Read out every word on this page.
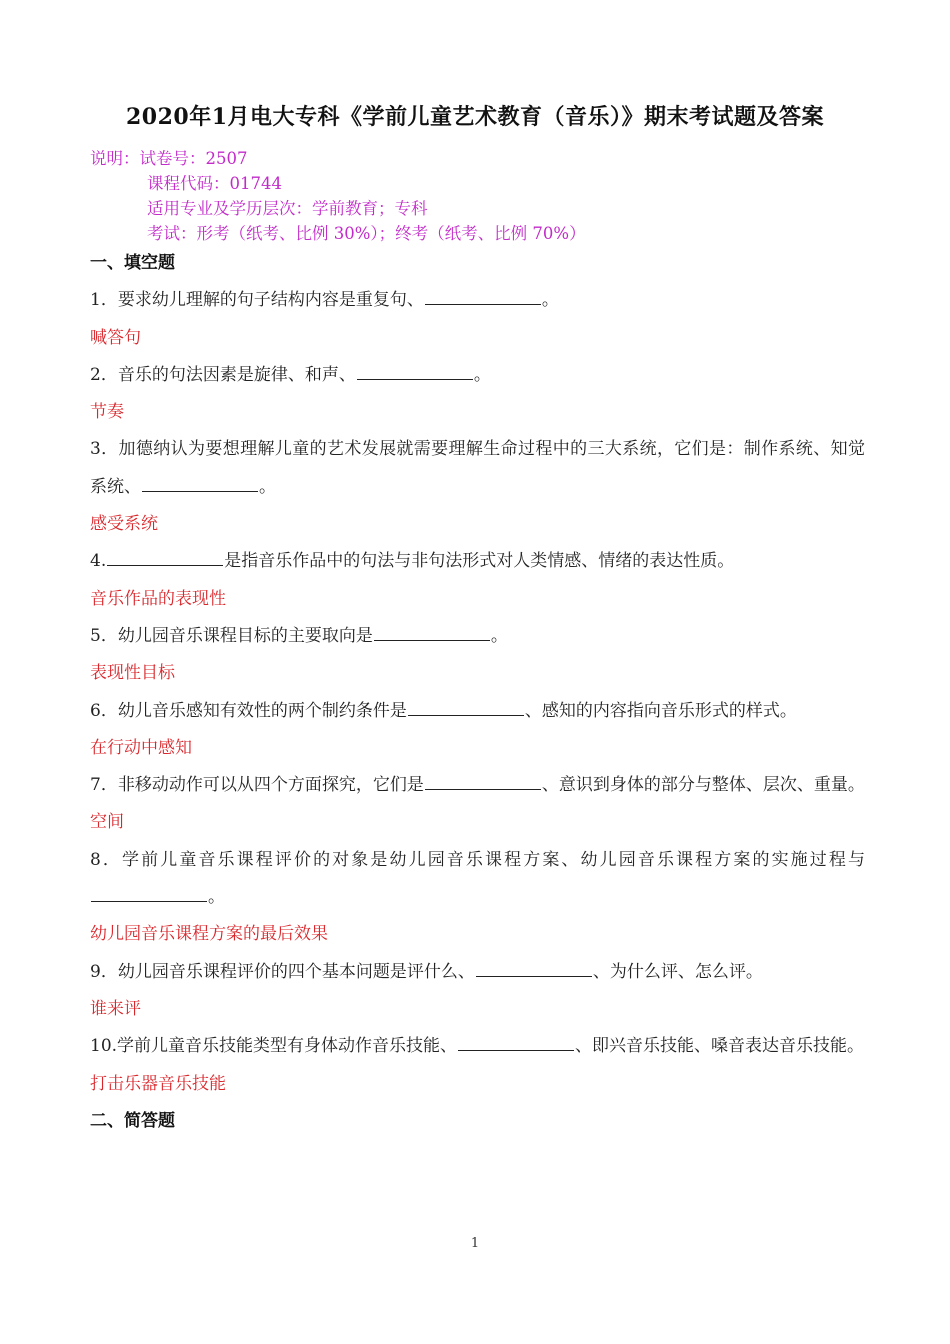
2020年1月电大专科《学前儿童艺术教育（音乐）》期末考试题及答案
说明：试卷号：2507
课程代码：01744
适用专业及学历层次：学前教育；专科
考试：形考（纸考、比例 30%）；终考（纸考、比例 70%）
一、填空题
1．要求幼儿理解的句子结构内容是重复句、	。
喊答句
2．音乐的句法因素是旋律、和声、	。
节奏
3．加德纳认为要想理解儿童的艺术发展就需要理解生命过程中的三大系统，它们是：制作系统、知觉系统、	。
感受系统
4.	是指音乐作品中的句法与非句法形式对人类情感、情绪的表达性质。
音乐作品的表现性
5．幼儿园音乐课程目标的主要取向是	。
表现性目标
6．幼儿音乐感知有效性的两个制约条件是	、感知的内容指向音乐形式的样式。
在行动中感知
7．非移动动作可以从四个方面探究，它们是	、意识到身体的部分与整体、层次、重量。
空间
8．学前儿童音乐课程评价的对象是幼儿园音乐课程方案、幼儿园音乐课程方案的实施过程与。
幼儿园音乐课程方案的最后效果
9．幼儿园音乐课程评价的四个基本问题是评什么、	、为什么评、怎么评。
谁来评
10.学前儿童音乐技能类型有身体动作音乐技能、	、即兴音乐技能、嗓音表达音乐技能。
打击乐器音乐技能
二、简答题
1
